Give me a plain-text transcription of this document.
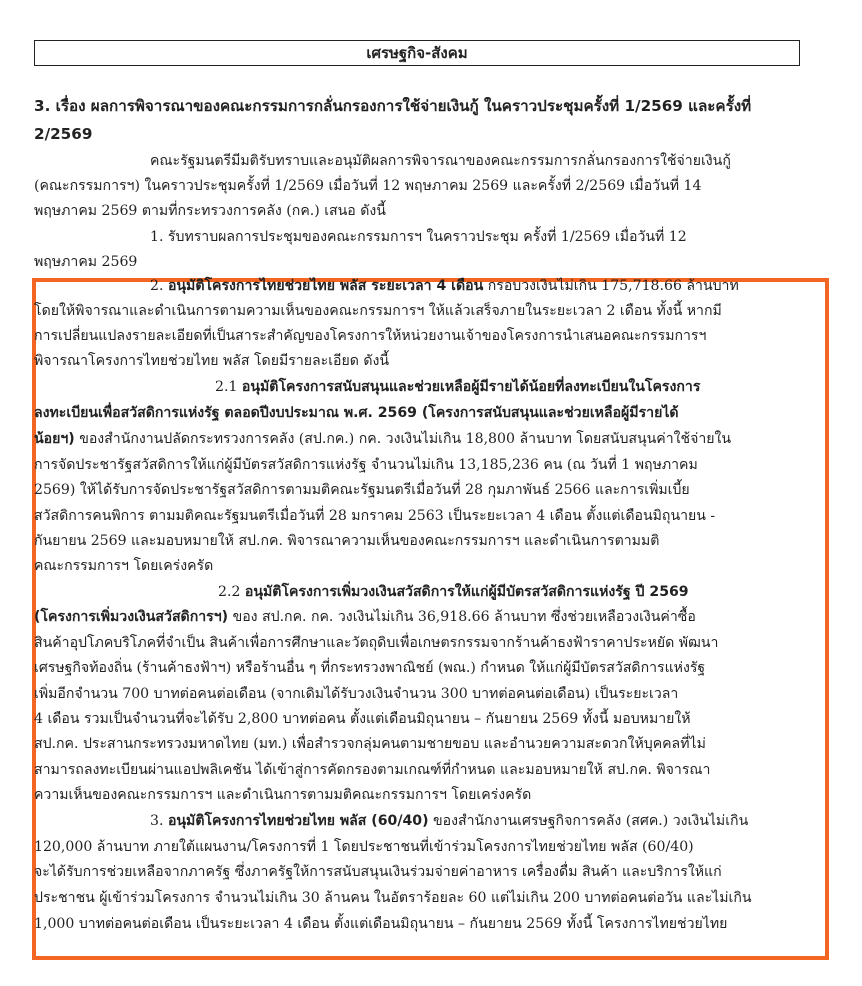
เศรษฐกิจ-สังคม
3. เรื่อง ผลการพิจารณาของคณะกรรมการกลั่นกรองการใช้จ่ายเงินกู้ ในคราวประชุมครั้งที่ 1/2569 และครั้งที่
2/2569
คณะรัฐมนตรีมีมติรับทราบและอนุมัติผลการพิจารณาของคณะกรรมการกลั่นกรองการใช้จ่ายเงินกู้
(คณะกรรมการฯ) ในคราวประชุมครั้งที่ 1/2569 เมื่อวันที่ 12 พฤษภาคม 2569 และครั้งที่ 2/2569 เมื่อวันที่ 14
พฤษภาคม 2569 ตามที่กระทรวงการคลัง (กค.) เสนอ ดังนี้
1. รับทราบผลการประชุมของคณะกรรมการฯ ในคราวประชุม ครั้งที่ 1/2569 เมื่อวันที่ 12
พฤษภาคม 2569
2. อนุมัติโครงการไทยช่วยไทย พลัส ระยะเวลา 4 เดือน กรอบวงเงินไม่เกิน 175,718.66 ล้านบาท
โดยให้พิจารณาและดำเนินการตามความเห็นของคณะกรรมการฯ ให้แล้วเสร็จภายในระยะเวลา 2 เดือน ทั้งนี้ หากมี
การเปลี่ยนแปลงรายละเอียดที่เป็นสาระสำคัญของโครงการให้หน่วยงานเจ้าของโครงการนำเสนอคณะกรรมการฯ
พิจารณาโครงการไทยช่วยไทย พลัส โดยมีรายละเอียด ดังนี้
2.1 อนุมัติโครงการสนับสนุนและช่วยเหลือผู้มีรายได้น้อยที่ลงทะเบียนในโครงการ
ลงทะเบียนเพื่อสวัสดิการแห่งรัฐ ตลอดปีงบประมาณ พ.ศ. 2569 (โครงการสนับสนุนและช่วยเหลือผู้มีรายได้
น้อยฯ) ของสำนักงานปลัดกระทรวงการคลัง (สป.กค.) กค. วงเงินไม่เกิน 18,800 ล้านบาท โดยสนับสนุนค่าใช้จ่ายใน
การจัดประชารัฐสวัสดิการให้แก่ผู้มีบัตรสวัสดิการแห่งรัฐ จำนวนไม่เกิน 13,185,236 คน (ณ วันที่ 1 พฤษภาคม
2569) ให้ได้รับการจัดประชารัฐสวัสดิการตามมติคณะรัฐมนตรีเมื่อวันที่ 28 กุมภาพันธ์ 2566 และการเพิ่มเบี้ย
สวัสดิการคนพิการ ตามมติคณะรัฐมนตรีเมื่อวันที่ 28 มกราคม 2563 เป็นระยะเวลา 4 เดือน ตั้งแต่เดือนมิถุนายน -
กันยายน 2569 และมอบหมายให้ สป.กค. พิจารณาความเห็นของคณะกรรมการฯ และดำเนินการตามมติ
คณะกรรมการฯ โดยเคร่งครัด
2.2 อนุมัติโครงการเพิ่มวงเงินสวัสดิการให้แก่ผู้มีบัตรสวัสดิการแห่งรัฐ ปี 2569
(โครงการเพิ่มวงเงินสวัสดิการฯ) ของ สป.กค. กค. วงเงินไม่เกิน 36,918.66 ล้านบาท ซึ่งช่วยเหลือวงเงินค่าซื้อ
สินค้าอุปโภคบริโภคที่จำเป็น สินค้าเพื่อการศึกษาและวัตถุดิบเพื่อเกษตรกรรมจากร้านค้าธงฟ้าราคาประหยัด พัฒนา
เศรษฐกิจท้องถิ่น (ร้านค้าธงฟ้าฯ) หรือร้านอื่น ๆ ที่กระทรวงพาณิชย์ (พณ.) กำหนด ให้แก่ผู้มีบัตรสวัสดิการแห่งรัฐ
เพิ่มอีกจำนวน 700 บาทต่อคนต่อเดือน (จากเดิมได้รับวงเงินจำนวน 300 บาทต่อคนต่อเดือน) เป็นระยะเวลา
4 เดือน รวมเป็นจำนวนที่จะได้รับ 2,800 บาทต่อคน ตั้งแต่เดือนมิถุนายน – กันยายน 2569 ทั้งนี้ มอบหมายให้
สป.กค. ประสานกระทรวงมหาดไทย (มท.) เพื่อสำรวจกลุ่มคนตามชายขอบ และอำนวยความสะดวกให้บุคคลที่ไม่
สามารถลงทะเบียนผ่านแอปพลิเคชัน ได้เข้าสู่การคัดกรองตามเกณฑ์ที่กำหนด และมอบหมายให้ สป.กค. พิจารณา
ความเห็นของคณะกรรมการฯ และดำเนินการตามมติคณะกรรมการฯ โดยเคร่งครัด
3. อนุมัติโครงการไทยช่วยไทย พลัส (60/40) ของสำนักงานเศรษฐกิจการคลัง (สศค.) วงเงินไม่เกิน
120,000 ล้านบาท ภายใต้แผนงาน/โครงการที่ 1 โดยประชาชนที่เข้าร่วมโครงการไทยช่วยไทย พลัส (60/40)
จะได้รับการช่วยเหลือจากภาครัฐ ซึ่งภาครัฐให้การสนับสนุนเงินร่วมจ่ายค่าอาหาร เครื่องดื่ม สินค้า และบริการให้แก่
ประชาชน ผู้เข้าร่วมโครงการ จำนวนไม่เกิน 30 ล้านคน ในอัตราร้อยละ 60 แต่ไม่เกิน 200 บาทต่อคนต่อวัน และไม่เกิน
1,000 บาทต่อคนต่อเดือน เป็นระยะเวลา 4 เดือน ตั้งแต่เดือนมิถุนายน – กันยายน 2569 ทั้งนี้ โครงการไทยช่วยไทย
